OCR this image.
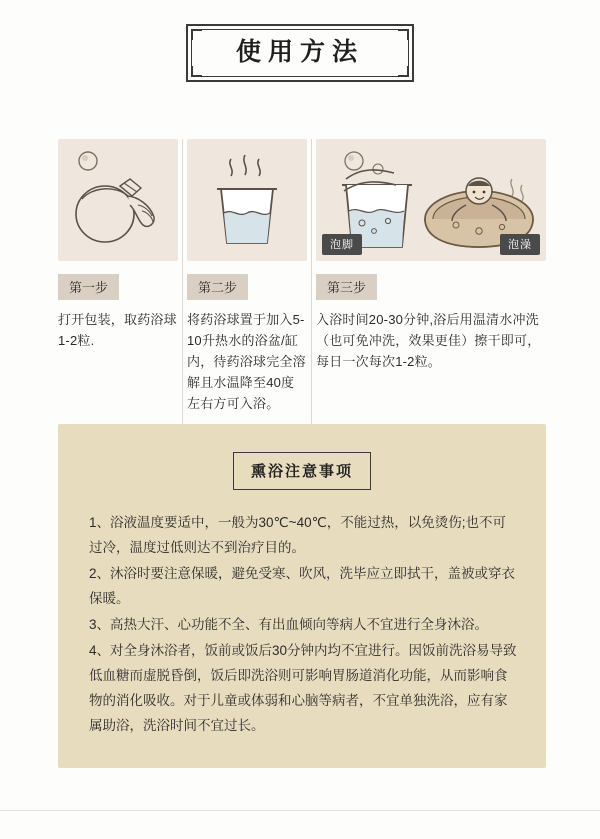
使用方法
第一步
打开包装，取药浴球1-2粒.
第二步
将药浴球置于加入5-10升热水的浴盆/缸内，待药浴球完全溶解且水温降至40度左右方可入浴。
泡脚	泡澡
第三步
入浴时间20-30分钟,浴后用温清水冲洗（也可免冲洗，效果更佳）擦干即可，每日一次每次1-2粒。
熏浴注意事项

1、浴液温度要适中，一般为30℃~40℃，不能过热，以免烫伤;也不可过冷，温度过低则达不到治疗目的。

2、沐浴时要注意保暖，避免受寒、吹风，洗毕应立即拭干，盖被或穿衣保暖。

3、高热大汗、心功能不全、有出血倾向等病人不宜进行全身沐浴。

4、对全身沐浴者，饭前或饭后30分钟内均不宜进行。因饭前洗浴易导致低血糖而虚脱昏倒，饭后即洗浴则可影响胃肠道消化功能，从而影响食物的消化吸收。对于儿童或体弱和心脑等病者，不宜单独洗浴，应有家属助浴，洗浴时间不宜过长。
